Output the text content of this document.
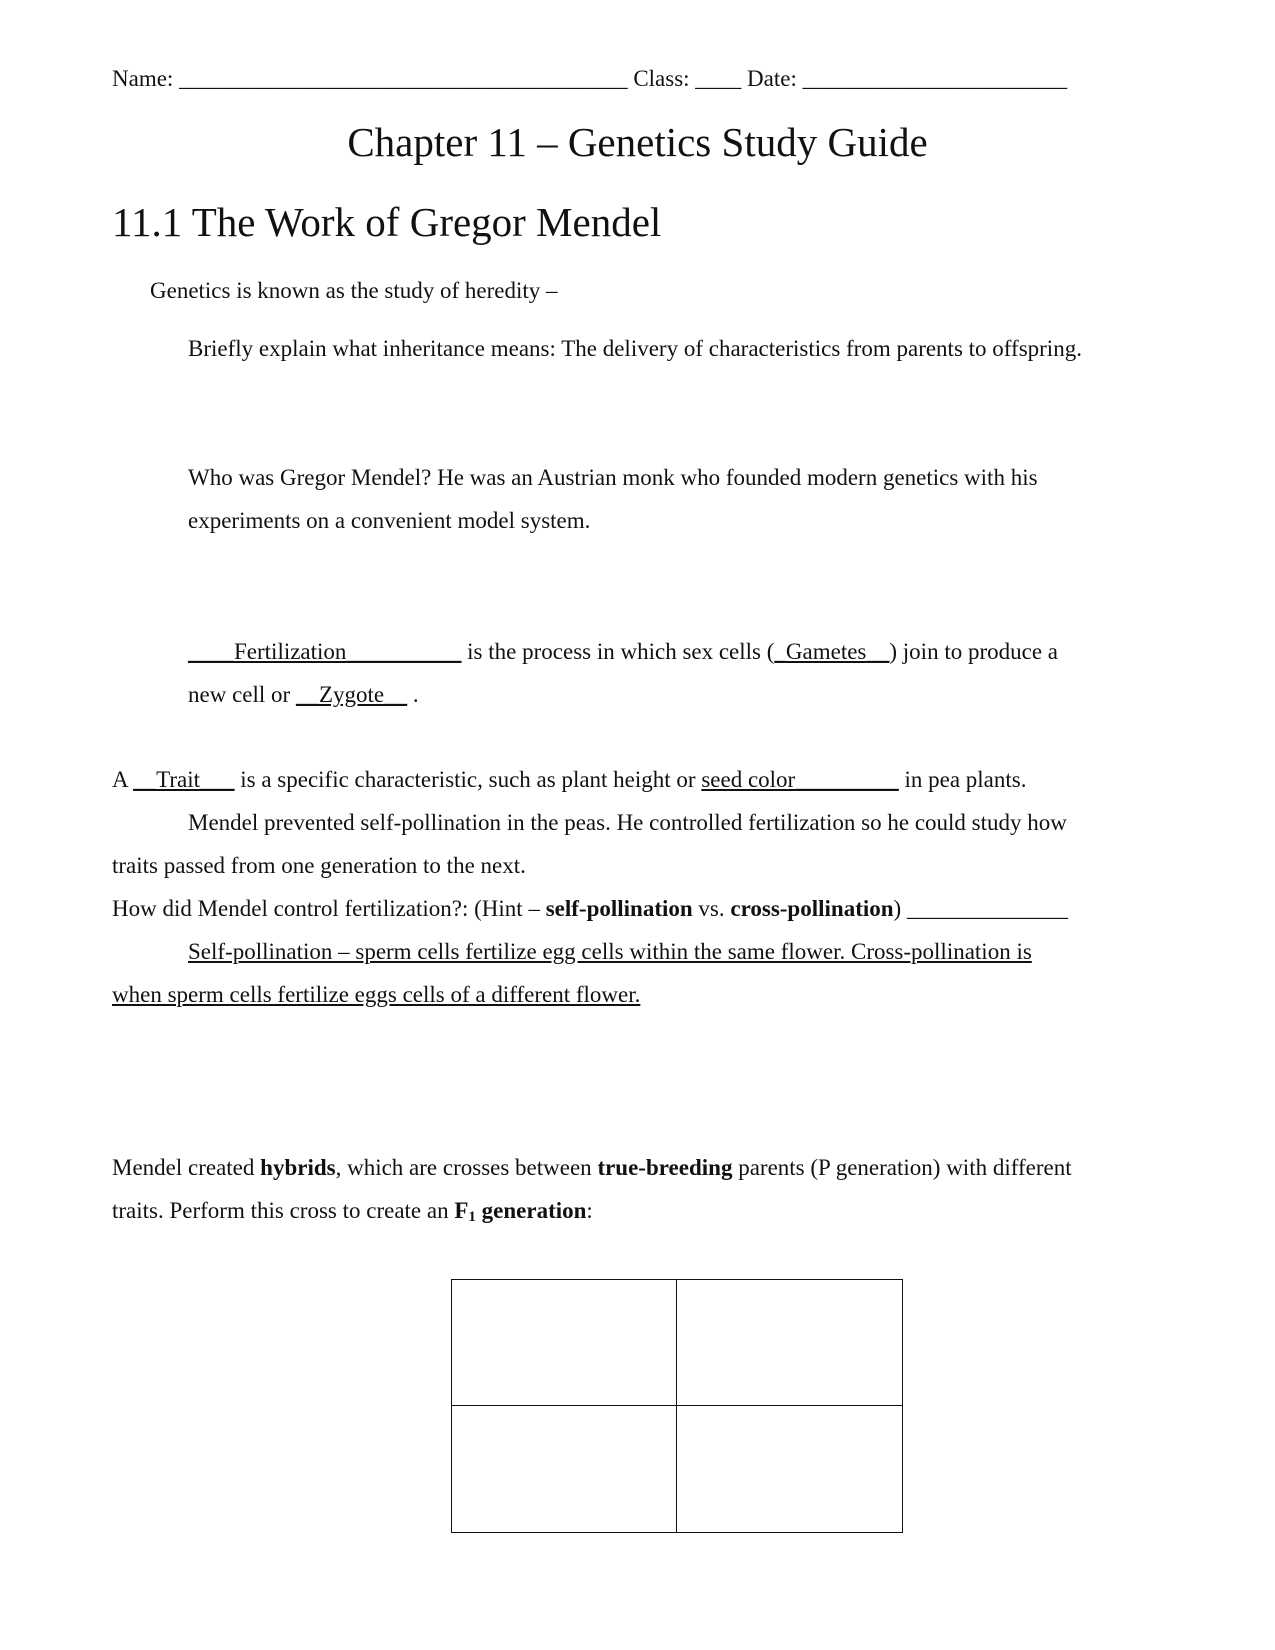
Name: _______________________________________ Class: ____ Date: _______________________

Chapter 11 – Genetics Study Guide
11.1 The Work of Gregor Mendel

Genetics is known as the study of heredity –

Briefly explain what inheritance means: The delivery of characteristics from parents to offspring.

Who was Gregor Mendel? He was an Austrian monk who founded modern genetics with his

experiments on a convenient model system.

____Fertilization__________ is the process in which sex cells (_Gametes__) join to produce a

new cell or __Zygote__ .

A __Trait___ is a specific characteristic, such as plant height or seed color_________ in pea plants.

Mendel prevented self-pollination in the peas. He controlled fertilization so he could study how

traits passed from one generation to the next.

How did Mendel control fertilization?: (Hint – self-pollination vs. cross-pollination) ______________

Self-pollination – sperm cells fertilize egg cells within the same flower. Cross-pollination is

when sperm cells fertilize eggs cells of a different flower.

Mendel created hybrids, which are crosses between true-breeding parents (P generation) with different

traits. Perform this cross to create an $F_1$ generation:
